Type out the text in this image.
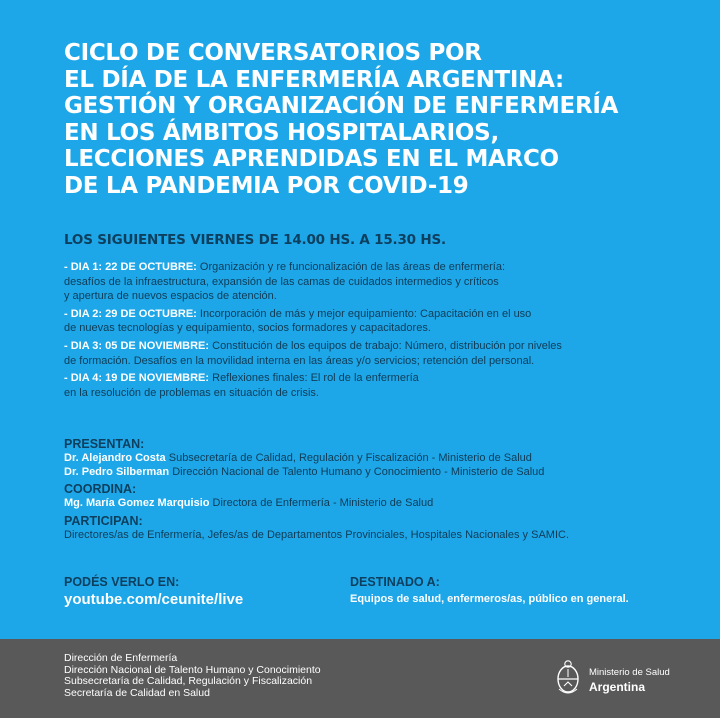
CICLO DE CONVERSATORIOS POR
EL DÍA DE LA ENFERMERÍA ARGENTINA:
GESTIÓN Y ORGANIZACIÓN DE ENFERMERÍA
EN LOS ÁMBITOS HOSPITALARIOS,
LECCIONES APRENDIDAS EN EL MARCO
DE LA PANDEMIA POR COVID-19
LOS SIGUIENTES VIERNES DE 14.00 HS. A 15.30 HS.
- DIA 1: 22 DE OCTUBRE: Organización y re funcionalización de las áreas de enfermería:
desafíos de la infraestructura, expansión de las camas de cuidados intermedios y críticos
y apertura de nuevos espacios de atención.
- DIA 2: 29 DE OCTUBRE: Incorporación de más y mejor equipamiento: Capacitación en el uso
de nuevas tecnologías y equipamiento, socios formadores y capacitadores.
- DIA 3: 05 DE NOVIEMBRE: Constitución de los equipos de trabajo: Número, distribución por niveles
de formación. Desafíos en la movilidad interna en las áreas y/o servicios; retención del personal.
- DIA 4: 19 DE NOVIEMBRE: Reflexiones finales: El rol de la enfermería
en la resolución de problemas en situación de crisis.
PRESENTAN:
Dr. Alejandro Costa Subsecretaría de Calidad, Regulación y Fiscalización - Ministerio de Salud
Dr. Pedro Silberman Dirección Nacional de Talento Humano y Conocimiento - Ministerio de Salud
COORDINA:
Mg. María Gomez Marquisio Directora de Enfermería - Ministerio de Salud
PARTICIPAN:
Directores/as de Enfermería, Jefes/as de Departamentos Provinciales, Hospitales Nacionales y SAMIC.
PODÉS VERLO EN:
youtube.com/ceunite/live
DESTINADO A:
Equipos de salud, enfermeros/as, público en general.
Dirección de Enfermería
Dirección Nacional de Talento Humano y Conocimiento
Subsecretaría de Calidad, Regulación y Fiscalización
Secretaría de Calidad en Salud
Ministerio de Salud
Argentina
